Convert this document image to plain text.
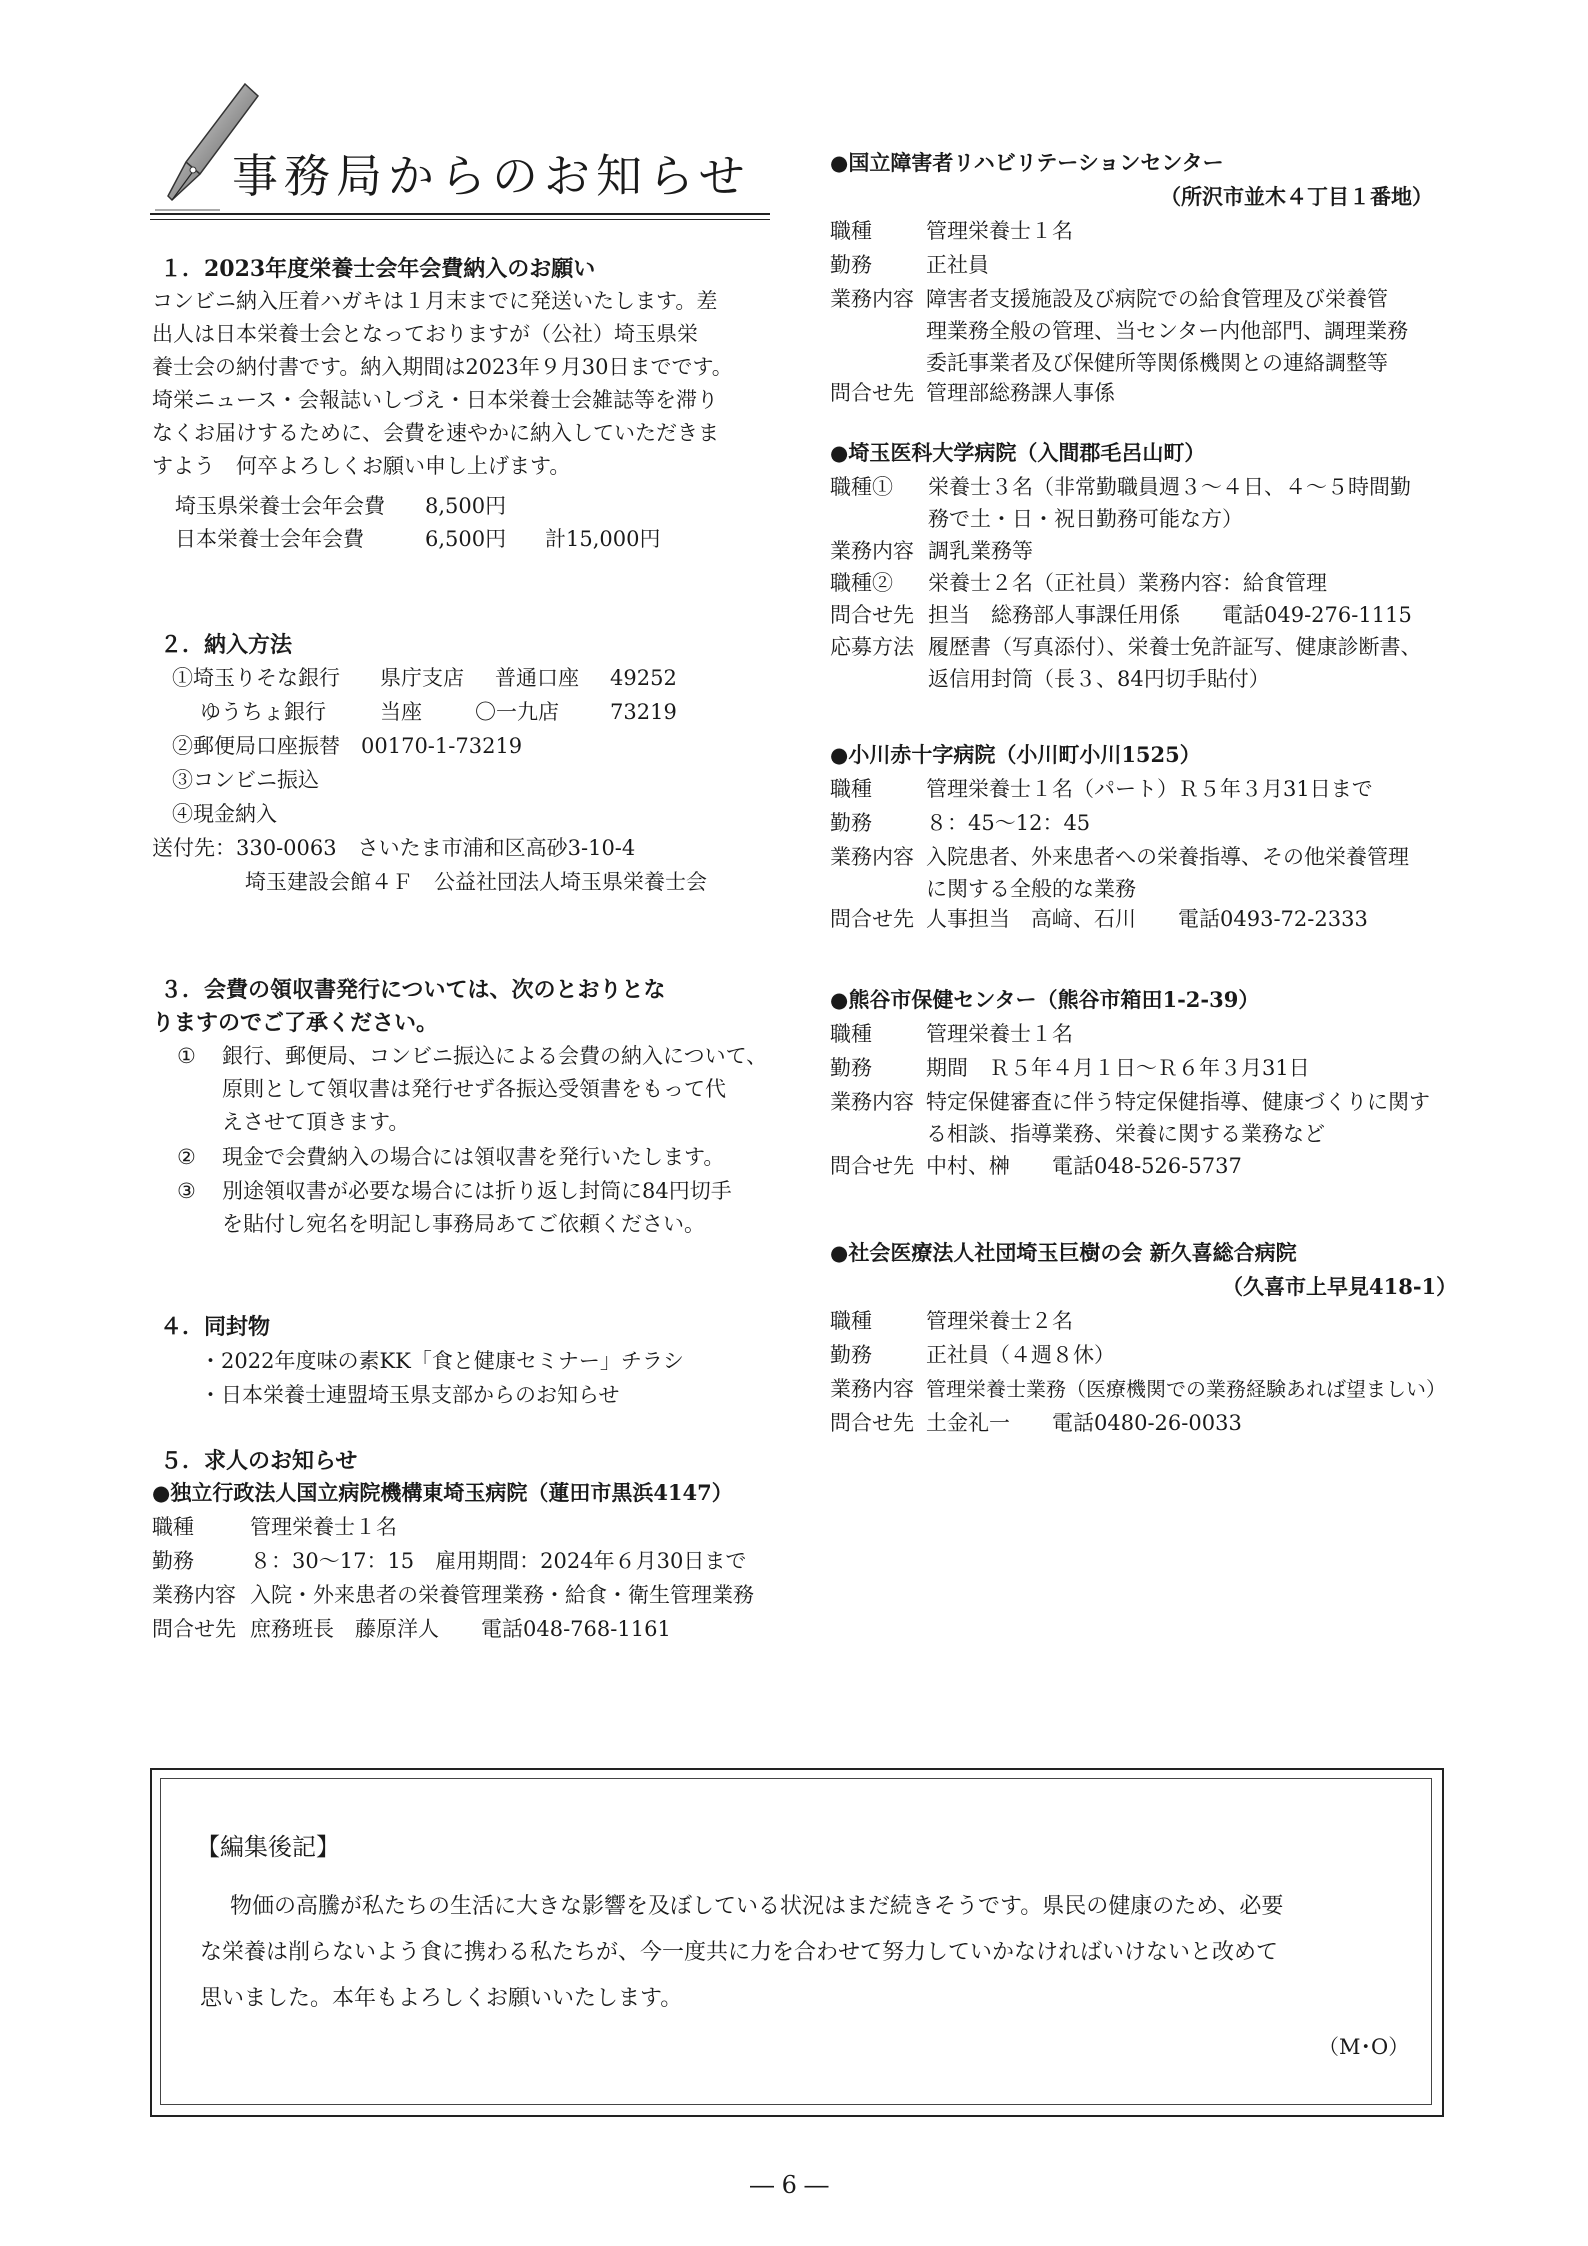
事務局からのお知らせ
１．2023年度栄養士会年会費納入のお願い
コンビニ納入圧着ハガキは１月末までに発送いたします。差
出人は日本栄養士会となっておりますが（公社）埼玉県栄
養士会の納付書です。納入期間は2023年９月30日までです。
埼栄ニュース・会報誌いしづえ・日本栄養士会雑誌等を滞り
なくお届けするために、会費を速やかに納入していただきま
すよう　何卒よろしくお願い申し上げます。
埼玉県栄養士会年会費 8,500円
日本栄養士会年会費	6,500円 計15,000円
２．納入方法
①埼玉りそな銀行 県庁支店 普通口座 49252
ゆうちょ銀行	当座	〇一九店 73219
②郵便局口座振替　00170-1-73219
③コンビニ振込
④現金納入
送付先：330-0063　さいたま市浦和区高砂3-10-4
埼玉建設会館４Ｆ　公益社団法人埼玉県栄養士会
３．会費の領収書発行については、次のとおりとな
りますのでご了承ください。
① 銀行、郵便局、コンビニ振込による会費の納入について、
原則として領収書は発行せず各振込受領書をもって代
えさせて頂きます。
② 現金で会費納入の場合には領収書を発行いたします。
③ 別途領収書が必要な場合には折り返し封筒に84円切手
を貼付し宛名を明記し事務局あてご依頼ください。
４．同封物
・2022年度味の素KK「食と健康セミナー」チラシ
・日本栄養士連盟埼玉県支部からのお知らせ
５．求人のお知らせ
●独立行政法人国立病院機構東埼玉病院（蓮田市黒浜4147）
職種	管理栄養士１名
勤務	８：30～17：15　雇用期間：2024年６月30日まで
業務内容 入院・外来患者の栄養管理業務・給食・衛生管理業務
問合せ先 庶務班長　藤原洋人　　電話048-768-1161
●国立障害者リハビリテーションセンター
（所沢市並木４丁目１番地）
職種	管理栄養士１名
勤務	正社員
業務内容 障害者支援施設及び病院での給食管理及び栄養管
理業務全般の管理、当センター内他部門、調理業務
委託事業者及び保健所等関係機関との連絡調整等
問合せ先 管理部総務課人事係
●埼玉医科大学病院（入間郡毛呂山町）
職種① 栄養士３名（非常勤職員週３～４日、４～５時間勤
務で土・日・祝日勤務可能な方）
業務内容 調乳業務等
職種② 栄養士２名（正社員）業務内容：給食管理
問合せ先 担当　総務部人事課任用係　　電話049-276-1115
応募方法 履歴書（写真添付）、栄養士免許証写、健康診断書、
返信用封筒（長３、84円切手貼付）
●小川赤十字病院（小川町小川1525）
職種	管理栄養士１名（パート）Ｒ５年３月31日まで
勤務	８：45～12：45
業務内容 入院患者、外来患者への栄養指導、その他栄養管理
に関する全般的な業務
問合せ先 人事担当　高﨑、石川　　電話0493-72-2333
●熊谷市保健センター（熊谷市箱田1-2-39）
職種	管理栄養士１名
勤務	期間　Ｒ５年４月１日～Ｒ６年３月31日
業務内容 特定保健審査に伴う特定保健指導、健康づくりに関す
る相談、指導業務、栄養に関する業務など
問合せ先 中村、榊　　電話048-526-5737
●社会医療法人社団埼玉巨樹の会 新久喜総合病院
（久喜市上早見418-1）
職種	管理栄養士２名
勤務	正社員（４週８休）
業務内容 管理栄養士業務（医療機関での業務経験あれば望ましい）
問合せ先 土金礼一　　電話0480-26-0033
【編集後記】
物価の高騰が私たちの生活に大きな影響を及ぼしている状況はまだ続きそうです。県民の健康のため、必要
な栄養は削らないよう食に携わる私たちが、今一度共に力を合わせて努力していかなければいけないと改めて
思いました。本年もよろしくお願いいたします。
（M･O）
― 6 ―
